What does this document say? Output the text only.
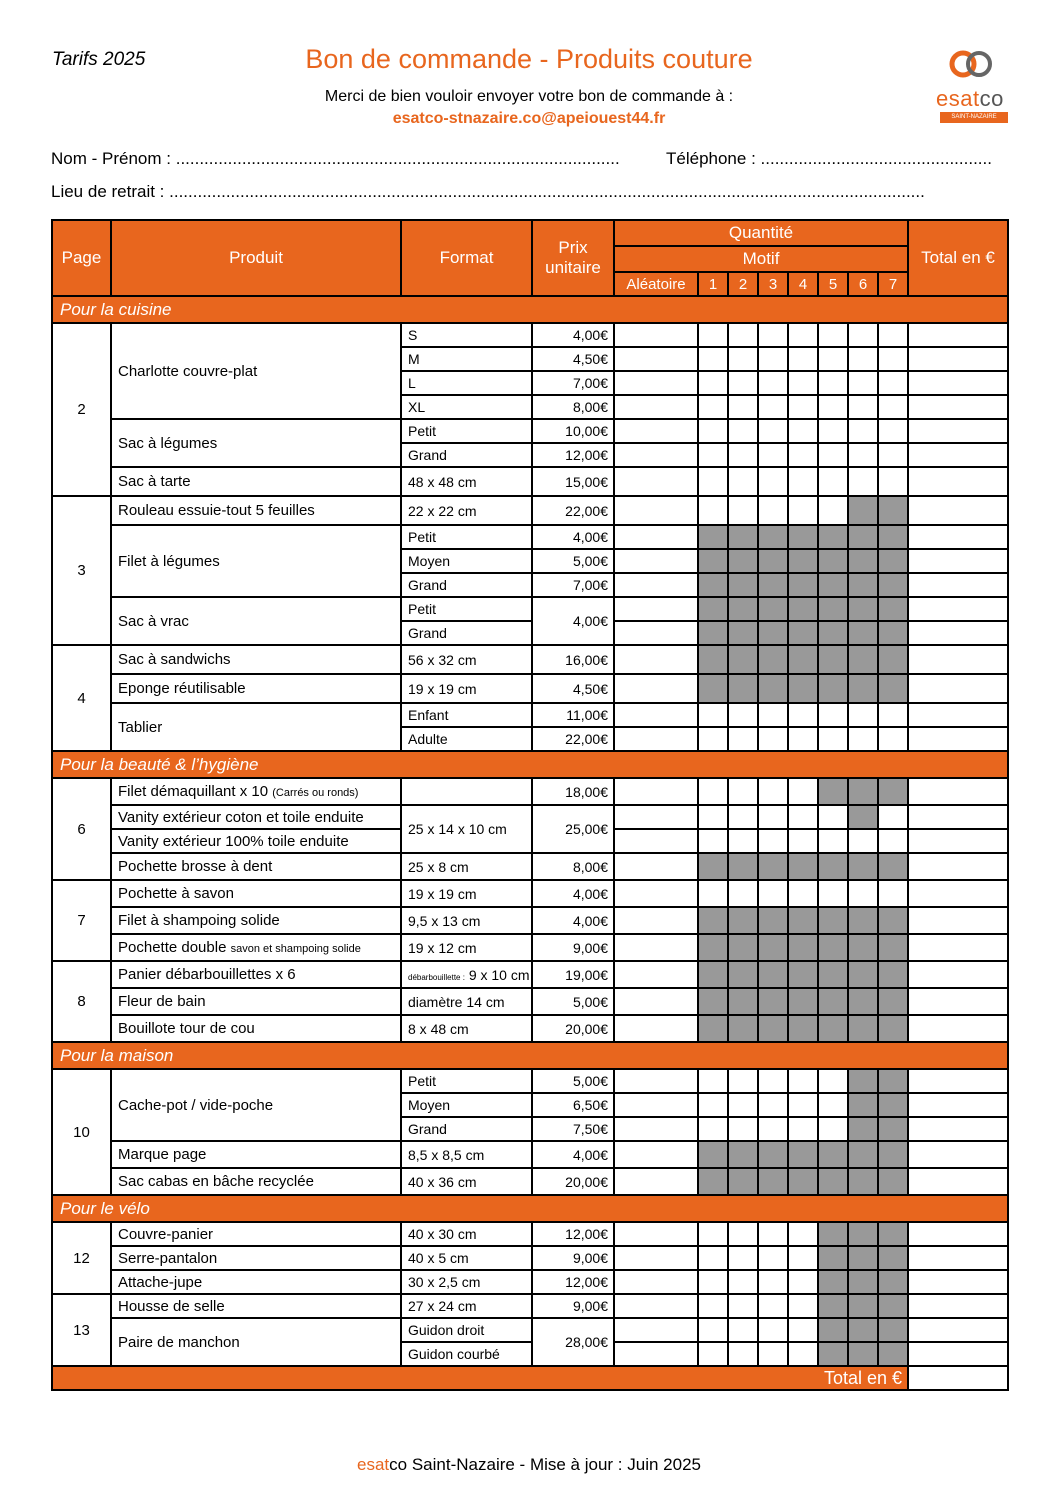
Tarifs 2025	Bon de commande - Produits couture
Merci de bien vouloir envoyer votre bon de commande à :
esatco-stnazaire.co@apeiouest44.fr
esatco
SAINT-NAZAIRE
Nom - Prénom : ..............................................................................................	Téléphone : .................................................
Lieu de retrait : ................................................................................................................................................................
Page	Produit	Format	Prix unitaire	Quantité								Total en €
				Motif								
				Aléatoire	1	2	3	4	5	6	7	
Pour la cuisine												
2	Charlotte couvre-plat	S	4,00€									
		M	4,50€									
		L	7,00€									
		XL	8,00€									
	Sac à légumes	Petit	10,00€									
		Grand	12,00€									
	Sac à tarte	48 x 48 cm	15,00€									
3	Rouleau essuie-tout 5 feuilles	22 x 22 cm	22,00€									
	Filet à légumes	Petit	4,00€									
		Moyen	5,00€									
		Grand	7,00€									
	Sac à vrac	Petit	4,00€									
		Grand										
4	Sac à sandwichs	56 x 32 cm	16,00€									
	Eponge réutilisable	19 x 19 cm	4,50€									
	Tablier	Enfant	11,00€									
		Adulte	22,00€									
Pour la beauté & l’hygiène												
6	Filet démaquillant x 10 (Carrés ou ronds)		18,00€									
	Vanity extérieur coton et toile enduite	25 x 14 x 10 cm	25,00€									
	Vanity extérieur 100% toile enduite											
	Pochette brosse à dent	25 x 8 cm	8,00€									
7	Pochette à savon	19 x 19 cm	4,00€									
	Filet à shampoing solide	9,5 x 13 cm	4,00€									
	Pochette double savon et shampoing solide	19 x 12 cm	9,00€									
8	Panier débarbouillettes x 6	débarbouillette : 9 x 10 cm	19,00€									
	Fleur de bain	diamètre 14 cm	5,00€									
	Bouillote tour de cou	8 x 48 cm	20,00€									
Pour la maison												
10	Cache-pot / vide-poche	Petit	5,00€									
		Moyen	6,50€									
		Grand	7,50€									
	Marque page	8,5 x 8,5 cm	4,00€									
	Sac cabas en bâche recyclée	40 x 36 cm	20,00€									
Pour le vélo												
12	Couvre-panier	40 x 30 cm	12,00€									
	Serre-pantalon	40 x 5 cm	9,00€									
	Attache-jupe	30 x 2,5 cm	12,00€									
13	Housse de selle	27 x 24 cm	9,00€									
	Paire de manchon	Guidon droit	28,00€									
		Guidon courbé										
Total en €												
esatco Saint-Nazaire - Mise à jour : Juin 2025
